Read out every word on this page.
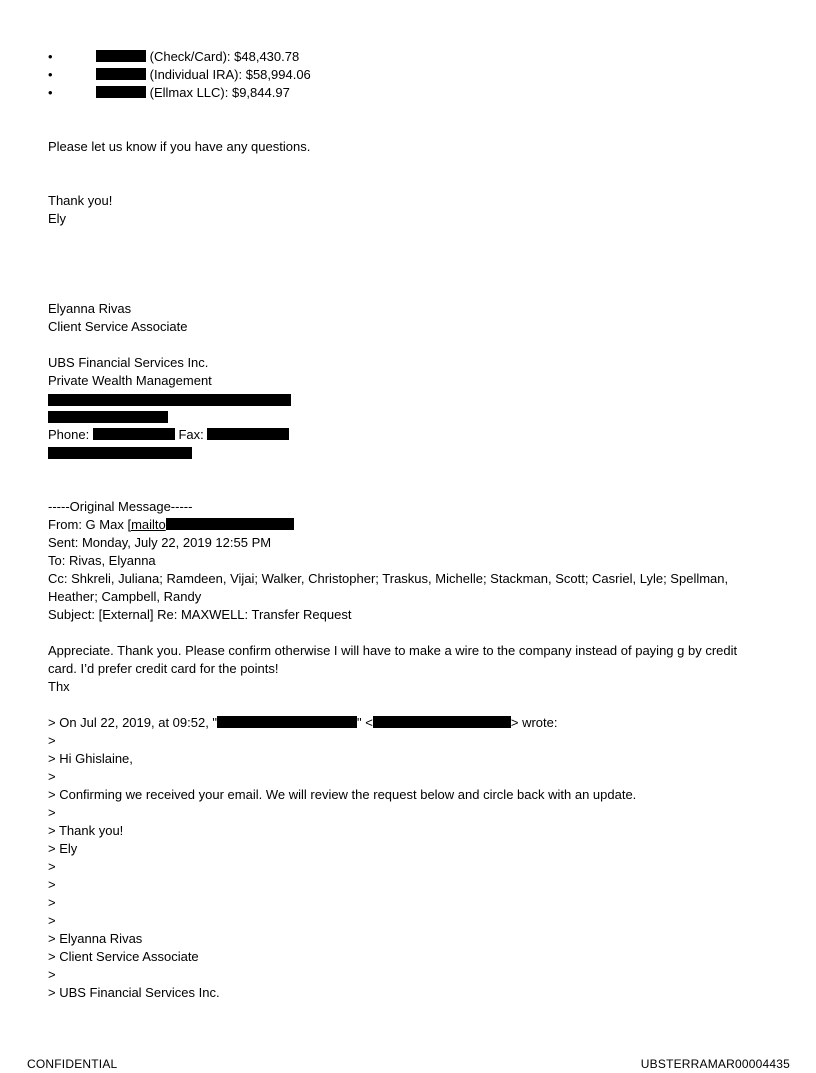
•	(Check/Card): $48,430.78
•	(Individual IRA): $58,994.06
•	(Ellmax LLC): $9,844.97
Please let us know if you have any questions.
Thank you!
Ely
Elyanna Rivas
Client Service Associate
UBS Financial Services Inc.
Private Wealth Management
Phone:	Fax:
-----Original Message-----
From: G Max [mailto
Sent: Monday, July 22, 2019 12:55 PM
To: Rivas, Elyanna
Cc: Shkreli, Juliana; Ramdeen, Vijai; Walker, Christopher; Traskus, Michelle; Stackman, Scott; Casriel, Lyle; Spellman,
Heather; Campbell, Randy
Subject: [External] Re: MAXWELL: Transfer Request
Appreciate. Thank you. Please confirm otherwise I will have to make a wire to the company instead of paying g by credit
card. I’d prefer credit card for the points!
Thx
> On Jul 22, 2019, at 09:52, "	" <	> wrote:
>
> Hi Ghislaine,
>
> Confirming we received your email. We will review the request below and circle back with an update.
>
> Thank you!
> Ely
>
>
>
>
> Elyanna Rivas
> Client Service Associate
>
> UBS Financial Services Inc.
CONFIDENTIAL	UBSTERRAMAR00004435
